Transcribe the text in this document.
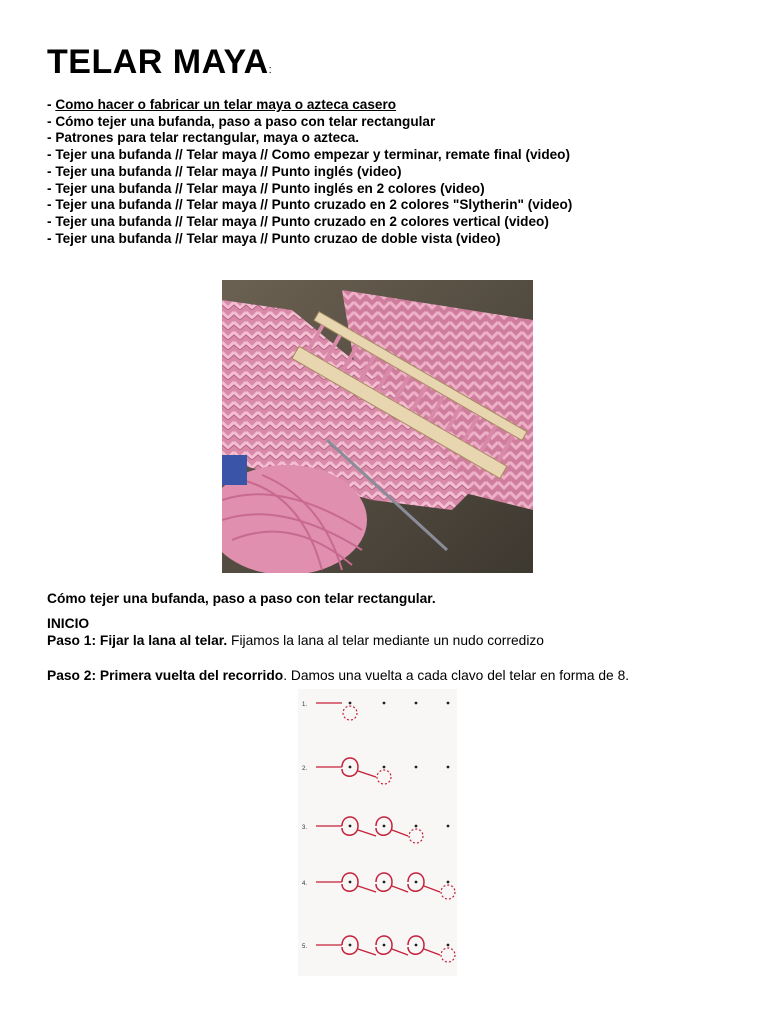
TELAR MAYA:
- Como hacer o fabricar un telar maya o azteca casero
- Cómo tejer una bufanda, paso a paso con telar rectangular
- Patrones para telar rectangular, maya o azteca.
- Tejer una bufanda // Telar maya // Como empezar y terminar, remate final (video)
- Tejer una bufanda // Telar maya // Punto inglés (video)
- Tejer una bufanda // Telar maya // Punto inglés en 2 colores (video)
- Tejer una bufanda // Telar maya // Punto cruzado en 2 colores "Slytherin" (video)
- Tejer una bufanda // Telar maya // Punto cruzado en 2 colores vertical (video)
- Tejer una bufanda // Telar maya // Punto cruzao de doble vista (video)
Cómo tejer una bufanda, paso a paso con telar rectangular.
INICIO
Paso 1: Fijar la lana al telar. Fijamos la lana al telar mediante un nudo corredizo
Paso 2: Primera vuelta del recorrido. Damos una vuelta a cada clavo del telar en forma de 8.
1.
2.
3.
4.
5.
